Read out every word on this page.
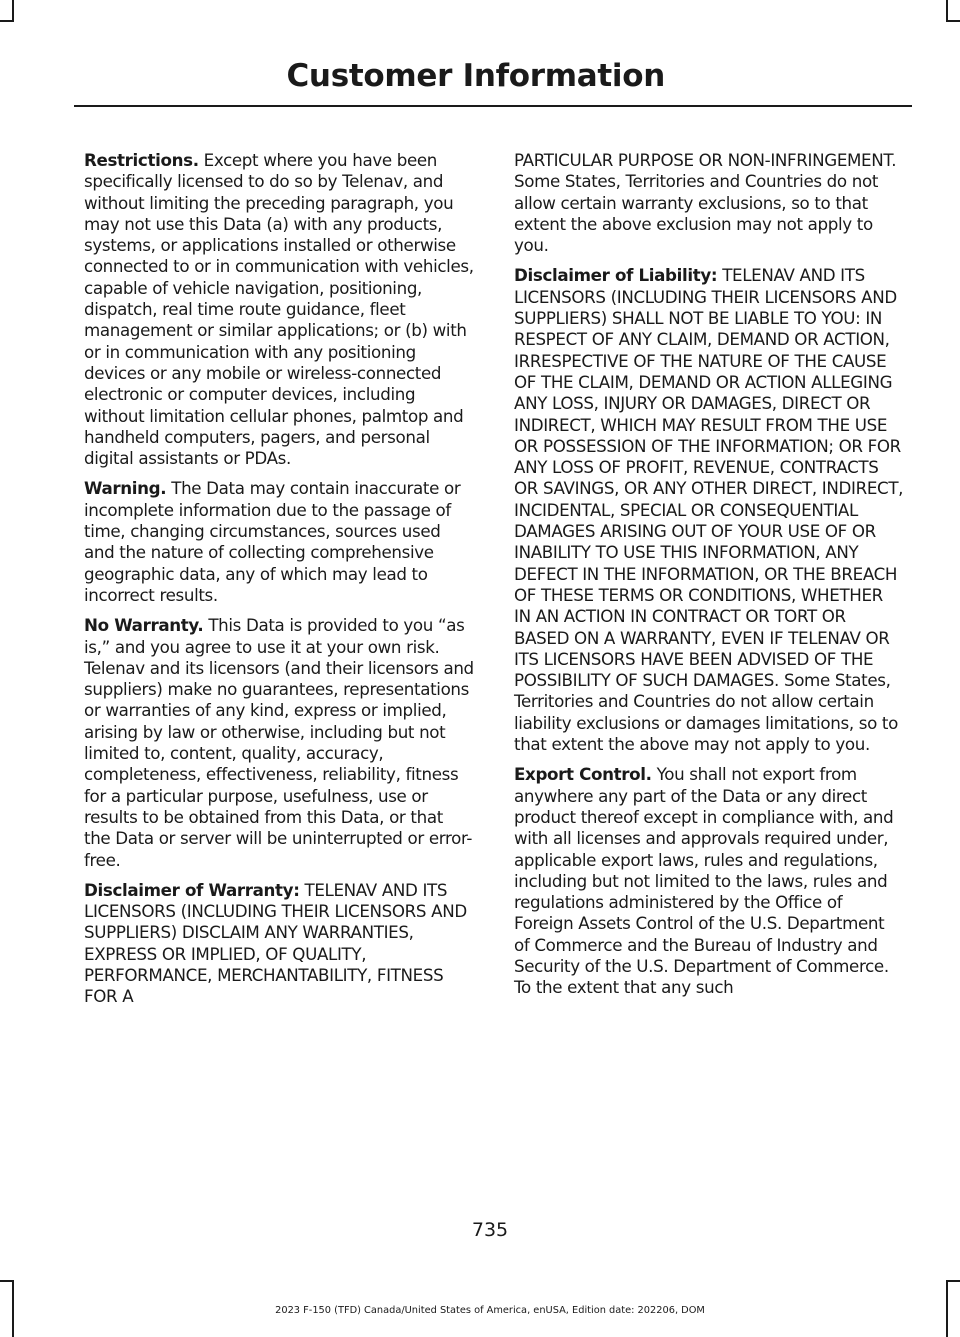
Customer Information

Restrictions. Except where you have been specifically licensed to do so by Telenav, and without limiting the preceding paragraph, you may not use this Data (a) with any products, systems, or applications installed or otherwise connected to or in communication with vehicles, capable of vehicle navigation, positioning, dispatch, real time route guidance, fleet management or similar applications; or (b) with or in communication with any positioning devices or any mobile or wireless-connected electronic or computer devices, including without limitation cellular phones, palmtop and handheld computers, pagers, and personal digital assistants or PDAs.

Warning. The Data may contain inaccurate or incomplete information due to the passage of time, changing circumstances, sources used and the nature of collecting comprehensive geographic data, any of which may lead to incorrect results.

No Warranty. This Data is provided to you “as is,” and you agree to use it at your own risk. Telenav and its licensors (and their licensors and suppliers) make no guarantees, representations or warranties of any kind, express or implied, arising by law or otherwise, including but not limited to, content, quality, accuracy, completeness, effectiveness, reliability, fitness for a particular purpose, usefulness, use or results to be obtained from this Data, or that the Data or server will be uninterrupted or error-free.

Disclaimer of Warranty: TELENAV AND ITS LICENSORS (INCLUDING THEIR LICENSORS AND SUPPLIERS) DISCLAIM ANY WARRANTIES, EXPRESS OR IMPLIED, OF QUALITY, PERFORMANCE, MERCHANTABILITY, FITNESS FOR A

PARTICULAR PURPOSE OR NON-INFRINGEMENT. Some States, Territories and Countries do not allow certain warranty exclusions, so to that extent the above exclusion may not apply to you.

Disclaimer of Liability: TELENAV AND ITS LICENSORS (INCLUDING THEIR LICENSORS AND SUPPLIERS) SHALL NOT BE LIABLE TO YOU: IN RESPECT OF ANY CLAIM, DEMAND OR ACTION, IRRESPECTIVE OF THE NATURE OF THE CAUSE OF THE CLAIM, DEMAND OR ACTION ALLEGING ANY LOSS, INJURY OR DAMAGES, DIRECT OR INDIRECT, WHICH MAY RESULT FROM THE USE OR POSSESSION OF THE INFORMATION; OR FOR ANY LOSS OF PROFIT, REVENUE, CONTRACTS OR SAVINGS, OR ANY OTHER DIRECT, INDIRECT, INCIDENTAL, SPECIAL OR CONSEQUENTIAL DAMAGES ARISING OUT OF YOUR USE OF OR INABILITY TO USE THIS INFORMATION, ANY DEFECT IN THE INFORMATION, OR THE BREACH OF THESE TERMS OR CONDITIONS, WHETHER IN AN ACTION IN CONTRACT OR TORT OR BASED ON A WARRANTY, EVEN IF TELENAV OR ITS LICENSORS HAVE BEEN ADVISED OF THE POSSIBILITY OF SUCH DAMAGES. Some States, Territories and Countries do not allow certain liability exclusions or damages limitations, so to that extent the above may not apply to you.

Export Control. You shall not export from anywhere any part of the Data or any direct product thereof except in compliance with, and with all licenses and approvals required under, applicable export laws, rules and regulations, including but not limited to the laws, rules and regulations administered by the Office of Foreign Assets Control of the U.S. Department of Commerce and the Bureau of Industry and Security of the U.S. Department of Commerce. To the extent that any such

735
2023 F-150 (TFD) Canada/United States of America, enUSA, Edition date: 202206, DOM
